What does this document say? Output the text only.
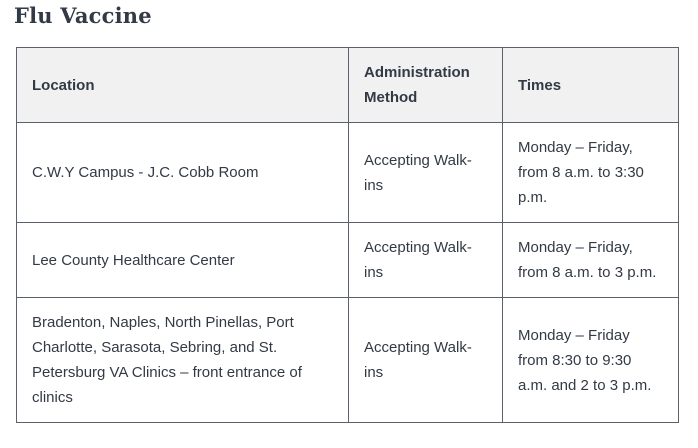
Flu Vaccine
Location	Administration Method	Times
C.W.Y Campus - J.C. Cobb Room	Accepting Walk-ins	Monday – Friday, from 8 a.m. to 3:30 p.m.
Lee County Healthcare Center	Accepting Walk-ins	Monday – Friday, from 8 a.m. to 3 p.m.
Bradenton, Naples, North Pinellas, Port Charlotte, Sarasota, Sebring, and St. Petersburg VA Clinics – front entrance of clinics	Accepting Walk-ins	Monday – Friday from 8:30 to 9:30 a.m. and 2 to 3 p.m.
